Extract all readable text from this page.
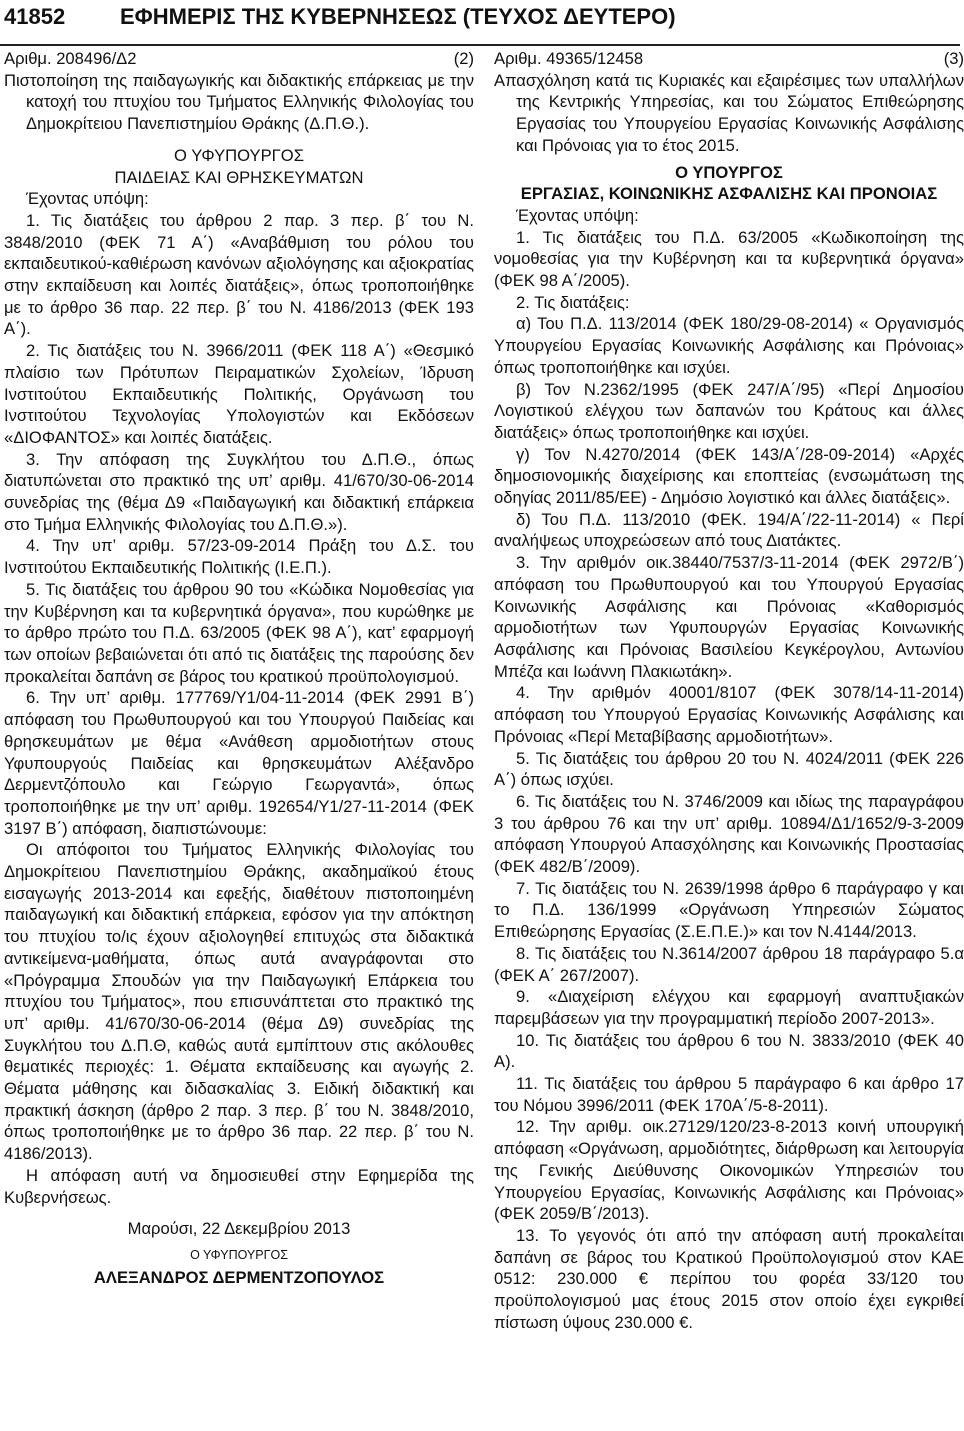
41852 ΕΦΗΜΕΡΙΣ ΤΗΣ ΚΥΒΕΡΝΗΣΕΩΣ (ΤΕΥΧΟΣ ΔΕΥΤΕΡΟ)
Αριθμ. 208496/Δ2	(2)

Πιστοποίηση της παιδαγωγικής και διδακτικής επάρκειας με την κατοχή του πτυχίου του Τμήματος Ελληνικής Φιλολογίας του Δημοκρίτειου Πανεπιστημίου Θράκης (Δ.Π.Θ.).

Ο ΥΦΥΠΟΥΡΓΟΣ

ΠΑΙΔΕΙΑΣ ΚΑΙ ΘΡΗΣΚΕΥΜΑΤΩΝ

Έχοντας υπόψη:

1. Τις διατάξεις του άρθρου 2 παρ. 3 περ. β΄ του Ν. 3848/2010 (ΦΕΚ 71 Α΄) «Αναβάθμιση του ρόλου του εκπαιδευτικού-καθιέρωση κανόνων αξιολόγησης και αξιοκρατίας στην εκπαίδευση και λοιπές διατάξεις», όπως τροποποιήθηκε με το άρθρο 36 παρ. 22 περ. β΄ του Ν. 4186/2013 (ΦΕΚ 193 Α΄).

2. Τις διατάξεις του Ν. 3966/2011 (ΦΕΚ 118 Α΄) «Θεσμικό πλαίσιο των Πρότυπων Πειραματικών Σχολείων, Ίδρυση Ινστιτούτου Εκπαιδευτικής Πολιτικής, Οργάνωση του Ινστιτούτου Τεχνολογίας Υπολογιστών και Εκδόσεων «ΔΙΟΦΑΝΤΟΣ» και λοιπές διατάξεις.

3. Την απόφαση της Συγκλήτου του Δ.Π.Θ., όπως διατυπώνεται στο πρακτικό της υπ’ αριθμ. 41/670/30-06-2014 συνεδρίας της (θέμα Δ9 «Παιδαγωγική και διδακτική επάρκεια στο Τμήμα Ελληνικής Φιλολογίας του Δ.Π.Θ.»).

4. Την υπ’ αριθμ. 57/23-09-2014 Πράξη του Δ.Σ. του Ινστιτούτου Εκπαιδευτικής Πολιτικής (Ι.Ε.Π.).

5. Τις διατάξεις του άρθρου 90 του «Κώδικα Νομοθεσίας για την Κυβέρνηση και τα κυβερνητικά όργανα», που κυρώθηκε με το άρθρο πρώτο του Π.Δ. 63/2005 (ΦΕΚ 98 Α΄), κατ’ εφαρμογή των οποίων βεβαιώνεται ότι από τις διατάξεις της παρούσης δεν προκαλείται δαπάνη σε βάρος του κρατικού προϋπολογισμού.

6. Την υπ’ αριθμ. 177769/Υ1/04-11-2014 (ΦΕΚ 2991 Β΄) απόφαση του Πρωθυπουργού και του Υπουργού Παιδείας και θρησκευμάτων με θέμα «Ανάθεση αρμοδιοτήτων στους Υφυπουργούς Παιδείας και θρησκευμάτων Αλέξανδρο Δερμεντζόπουλο και Γεώργιο Γεωργαντά», όπως τροποποιήθηκε με την υπ’ αριθμ. 192654/Υ1/27-11-2014 (ΦΕΚ 3197 Β΄) απόφαση, διαπιστώνουμε:

Οι απόφοιτοι του Τμήματος Ελληνικής Φιλολογίας του Δημοκρίτειου Πανεπιστημίου Θράκης, ακαδημαϊκού έτους εισαγωγής 2013-2014 και εφεξής, διαθέτουν πιστοποιημένη παιδαγωγική και διδακτική επάρκεια, εφόσον για την απόκτηση του πτυχίου το/ις έχουν αξιολογηθεί επιτυχώς στα διδακτικά αντικείμενα-μαθήματα, όπως αυτά αναγράφονται στο «Πρόγραμμα Σπουδών για την Παιδαγωγική Επάρκεια του πτυχίου του Τμήματος», που επισυνάπτεται στο πρακτικό της υπ’ αριθμ. 41/670/30-06-2014 (θέμα Δ9) συνεδρίας της Συγκλήτου του Δ.Π.Θ, καθώς αυτά εμπίπτουν στις ακόλουθες θεματικές περιοχές: 1. Θέματα εκπαίδευσης και αγωγής 2. Θέματα μάθησης και διδασκαλίας 3. Ειδική διδακτική και πρακτική άσκηση (άρθρο 2 παρ. 3 περ. β΄ του Ν. 3848/2010, όπως τροποποιήθηκε με το άρθρο 36 παρ. 22 περ. β΄ του Ν. 4186/2013).

Η απόφαση αυτή να δημοσιευθεί στην Εφημερίδα της Κυβερνήσεως.

Μαρούσι, 22 Δεκεμβρίου 2013

Ο ΥΦΥΠΟΥΡΓΟΣ

ΑΛΕΞΑΝΔΡΟΣ ΔΕΡΜΕΝΤΖΟΠΟΥΛΟΣ

Αριθμ. 49365/12458	(3)

Απασχόληση κατά τις Κυριακές και εξαιρέσιμες των υπαλλήλων της Κεντρικής Υπηρεσίας, και του Σώματος Επιθεώρησης Εργασίας του Υπουργείου Εργασίας Κοινωνικής Ασφάλισης και Πρόνοιας για το έτος 2015.

Ο ΥΠΟΥΡΓΟΣ

ΕΡΓΑΣΙΑΣ, ΚΟΙΝΩΝΙΚΗΣ ΑΣΦΑΛΙΣΗΣ ΚΑΙ ΠΡΟΝΟΙΑΣ

Έχοντας υπόψη:

1. Τις διατάξεις του Π.Δ. 63/2005 «Κωδικοποίηση της νομοθεσίας για την Κυβέρνηση και τα κυβερνητικά όργανα» (ΦΕΚ 98 Α΄/2005).

2. Τις διατάξεις:

α) Του Π.Δ. 113/2014 (ΦΕΚ 180/29-08-2014) « Οργανισμός Υπουργείου Εργασίας Κοινωνικής Ασφάλισης και Πρόνοιας» όπως τροποποιήθηκε και ισχύει.

β) Τον Ν.2362/1995 (ΦΕΚ 247/Α΄/95) «Περί Δημοσίου Λογιστικού ελέγχου των δαπανών του Κράτους και άλλες διατάξεις» όπως τροποποιήθηκε και ισχύει.

γ) Τον Ν.4270/2014 (ΦΕΚ 143/Α΄/28-09-2014) «Αρχές δημοσιονομικής διαχείρισης και εποπτείας (ενσωμάτωση της οδηγίας 2011/85/ΕΕ) - Δημόσιο λογιστικό και άλλες διατάξεις».

δ) Του Π.Δ. 113/2010 (ΦΕΚ. 194/Α΄/22-11-2014) « Περί αναλήψεως υποχρεώσεων από τους Διατάκτες.

3. Την αριθμόν οικ.38440/7537/3-11-2014 (ΦΕΚ 2972/Β΄) απόφαση του Πρωθυπουργού και του Υπουργού Εργασίας Κοινωνικής Ασφάλισης και Πρόνοιας «Καθορισμός αρμοδιοτήτων των Υφυπουργών Εργασίας Κοινωνικής Ασφάλισης και Πρόνοιας Βασιλείου Κεγκέρογλου, Αντωνίου Μπέζα και Ιωάννη Πλακιωτάκη».

4. Την αριθμόν 40001/8107 (ΦΕΚ 3078/14-11-2014) απόφαση του Υπουργού Εργασίας Κοινωνικής Ασφάλισης και Πρόνοιας «Περί Μεταβίβασης αρμοδιοτήτων».

5. Τις διατάξεις του άρθρου 20 του Ν. 4024/2011 (ΦΕΚ 226 Α΄) όπως ισχύει.

6. Τις διατάξεις του Ν. 3746/2009 και ιδίως της παραγράφου 3 του άρθρου 76 και την υπ’ αριθμ. 10894/Δ1/1652/9-3-2009 απόφαση Υπουργού Απασχόλησης και Κοινωνικής Προστασίας (ΦΕΚ 482/Β΄/2009).

7. Τις διατάξεις του Ν. 2639/1998 άρθρο 6 παράγραφο γ και το Π.Δ. 136/1999 «Οργάνωση Υπηρεσιών Σώματος Επιθεώρησης Εργασίας (Σ.Ε.Π.Ε.)» και τον Ν.4144/2013.

8. Τις διατάξεις του Ν.3614/2007 άρθρου 18 παράγραφο 5.α (ΦΕΚ Α΄ 267/2007).

9. «Διαχείριση ελέγχου και εφαρμογή αναπτυξιακών παρεμβάσεων για την προγραμματική περίοδο 2007-2013».

10. Τις διατάξεις του άρθρου 6 του Ν. 3833/2010 (ΦΕΚ 40 Α).

11. Τις διατάξεις του άρθρου 5 παράγραφο 6 και άρθρο 17 του Νόμου 3996/2011 (ΦΕΚ 170Α΄/5-8-2011).

12. Την αριθμ. οικ.27129/120/23-8-2013 κοινή υπουργική απόφαση «Οργάνωση, αρμοδιότητες, διάρθρωση και λειτουργία της Γενικής Διεύθυνσης Οικονομικών Υπηρεσιών του Υπουργείου Εργασίας, Κοινωνικής Ασφάλισης και Πρόνοιας» (ΦΕΚ 2059/Β΄/2013).

13. Το γεγονός ότι από την απόφαση αυτή προκαλείται δαπάνη σε βάρος του Κρατικού Προϋπολογισμού στον ΚΑΕ 0512: 230.000 € περίπου του φορέα 33/120 του προϋπολογισμού μας έτους 2015 στον οποίο έχει εγκριθεί πίστωση ύψους 230.000 €.
